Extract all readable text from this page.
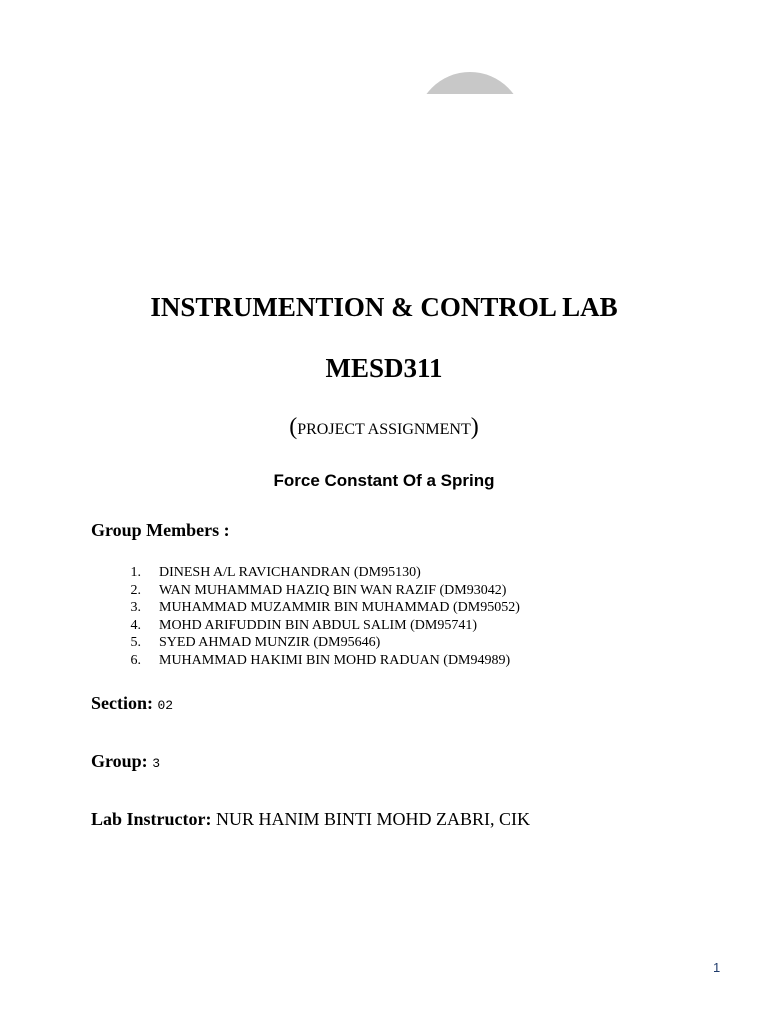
INSTRUMENTION & CONTROL LAB
MESD311
(PROJECT ASSIGNMENT)
Force Constant Of a Spring
Group Members :
1. DINESH A/L RAVICHANDRAN (DM95130)
2. WAN MUHAMMAD HAZIQ BIN WAN RAZIF (DM93042)
3. MUHAMMAD MUZAMMIR BIN MUHAMMAD (DM95052)
4. MOHD ARIFUDDIN BIN ABDUL SALIM (DM95741)
5. SYED AHMAD MUNZIR (DM95646)
6. MUHAMMAD HAKIMI BIN MOHD RADUAN (DM94989)
Section: 02
Group: 3
Lab Instructor: NUR HANIM BINTI MOHD ZABRI, CIK
1
